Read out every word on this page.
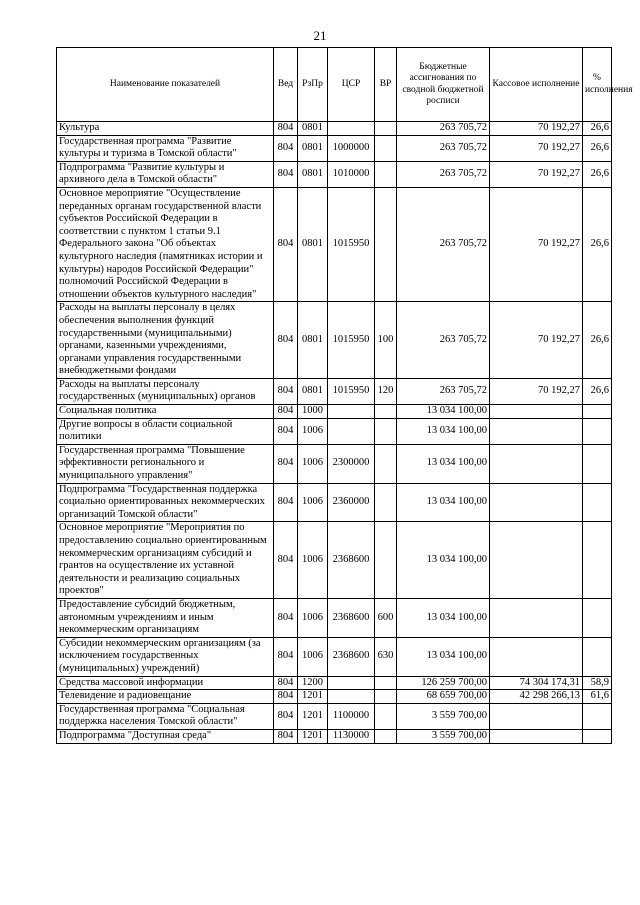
21
Наименование показателей	Вед	РзПр	ЦСР	ВР	Бюджетные ассигнования по сводной бюджетной росписи	Кассовое исполнение	% исполнения
Культура	804	0801			263 705,72	70 192,27	26,6
Государственная программа "Развитие культуры и туризма в Томской области"	804	0801	1000000		263 705,72	70 192,27	26,6
Подпрограмма "Развитие культуры и архивного дела в Томской области"	804	0801	1010000		263 705,72	70 192,27	26,6
Основное мероприятие "Осуществление переданных органам государственной власти субъектов Российской Федерации в соответствии с пунктом 1 статьи 9.1 Федерального закона "Об объектах культурного наследия (памятниках истории и культуры) народов Российской Федерации" полномочий Российской Федерации в отношении объектов культурного наследия"	804	0801	1015950		263 705,72	70 192,27	26,6
Расходы на выплаты персоналу в целях обеспечения выполнения функций государственными (муниципальными) органами, казенными учреждениями, органами управления государственными внебюджетными фондами	804	0801	1015950	100	263 705,72	70 192,27	26,6
Расходы на выплаты персоналу государственных (муниципальных) органов	804	0801	1015950	120	263 705,72	70 192,27	26,6
Социальная политика	804	1000			13 034 100,00		
Другие вопросы в области социальной политики	804	1006			13 034 100,00		
Государственная программа "Повышение эффективности регионального и муниципального управления"	804	1006	2300000		13 034 100,00		
Подпрограмма "Государственная поддержка социально ориентированных некоммерческих организаций Томской области"	804	1006	2360000		13 034 100,00		
Основное мероприятие "Мероприятия по предоставлению социально ориентированным некоммерческим организациям субсидий и грантов на осуществление их уставной деятельности и реализацию социальных проектов"	804	1006	2368600		13 034 100,00		
Предоставление субсидий бюджетным, автономным учреждениям и иным некоммерческим организациям	804	1006	2368600	600	13 034 100,00		
Субсидии некоммерческим организациям (за исключением государственных (муниципальных) учреждений)	804	1006	2368600	630	13 034 100,00		
Средства массовой информации	804	1200			126 259 700,00	74 304 174,31	58,9
Телевидение и радиовещание	804	1201			68 659 700,00	42 298 266,13	61,6
Государственная программа "Социальная поддержка населения Томской области"	804	1201	1100000		3 559 700,00		
Подпрограмма "Доступная среда"	804	1201	1130000		3 559 700,00		
